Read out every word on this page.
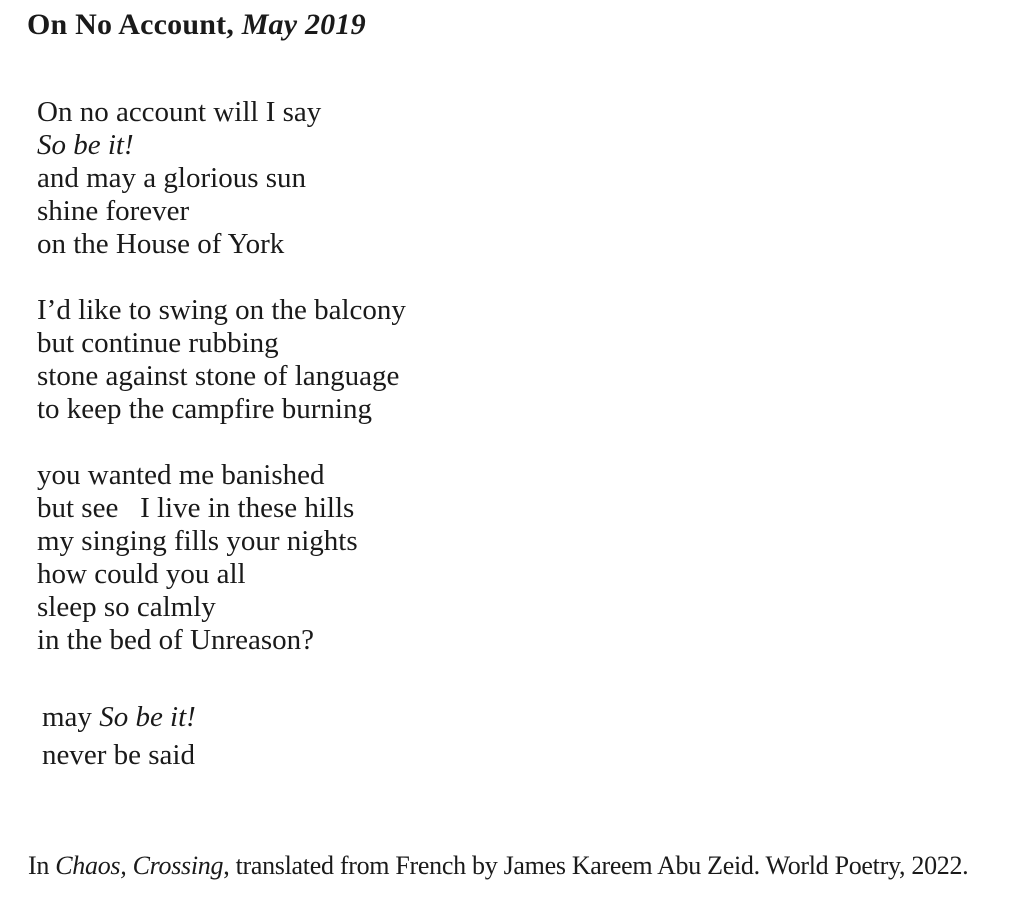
On No Account, May 2019
On no account will I say
So be it!
and may a glorious sun
shine forever
on the House of York
I’d like to swing on the balcony
but continue rubbing
stone against stone of language
to keep the campfire burning
you wanted me banished
but see   I live in these hills
my singing fills your nights
how could you all
sleep so calmly
in the bed of Unreason?
may So be it!
never be said
In Chaos, Crossing, translated from French by James Kareem Abu Zeid. World Poetry, 2022.
